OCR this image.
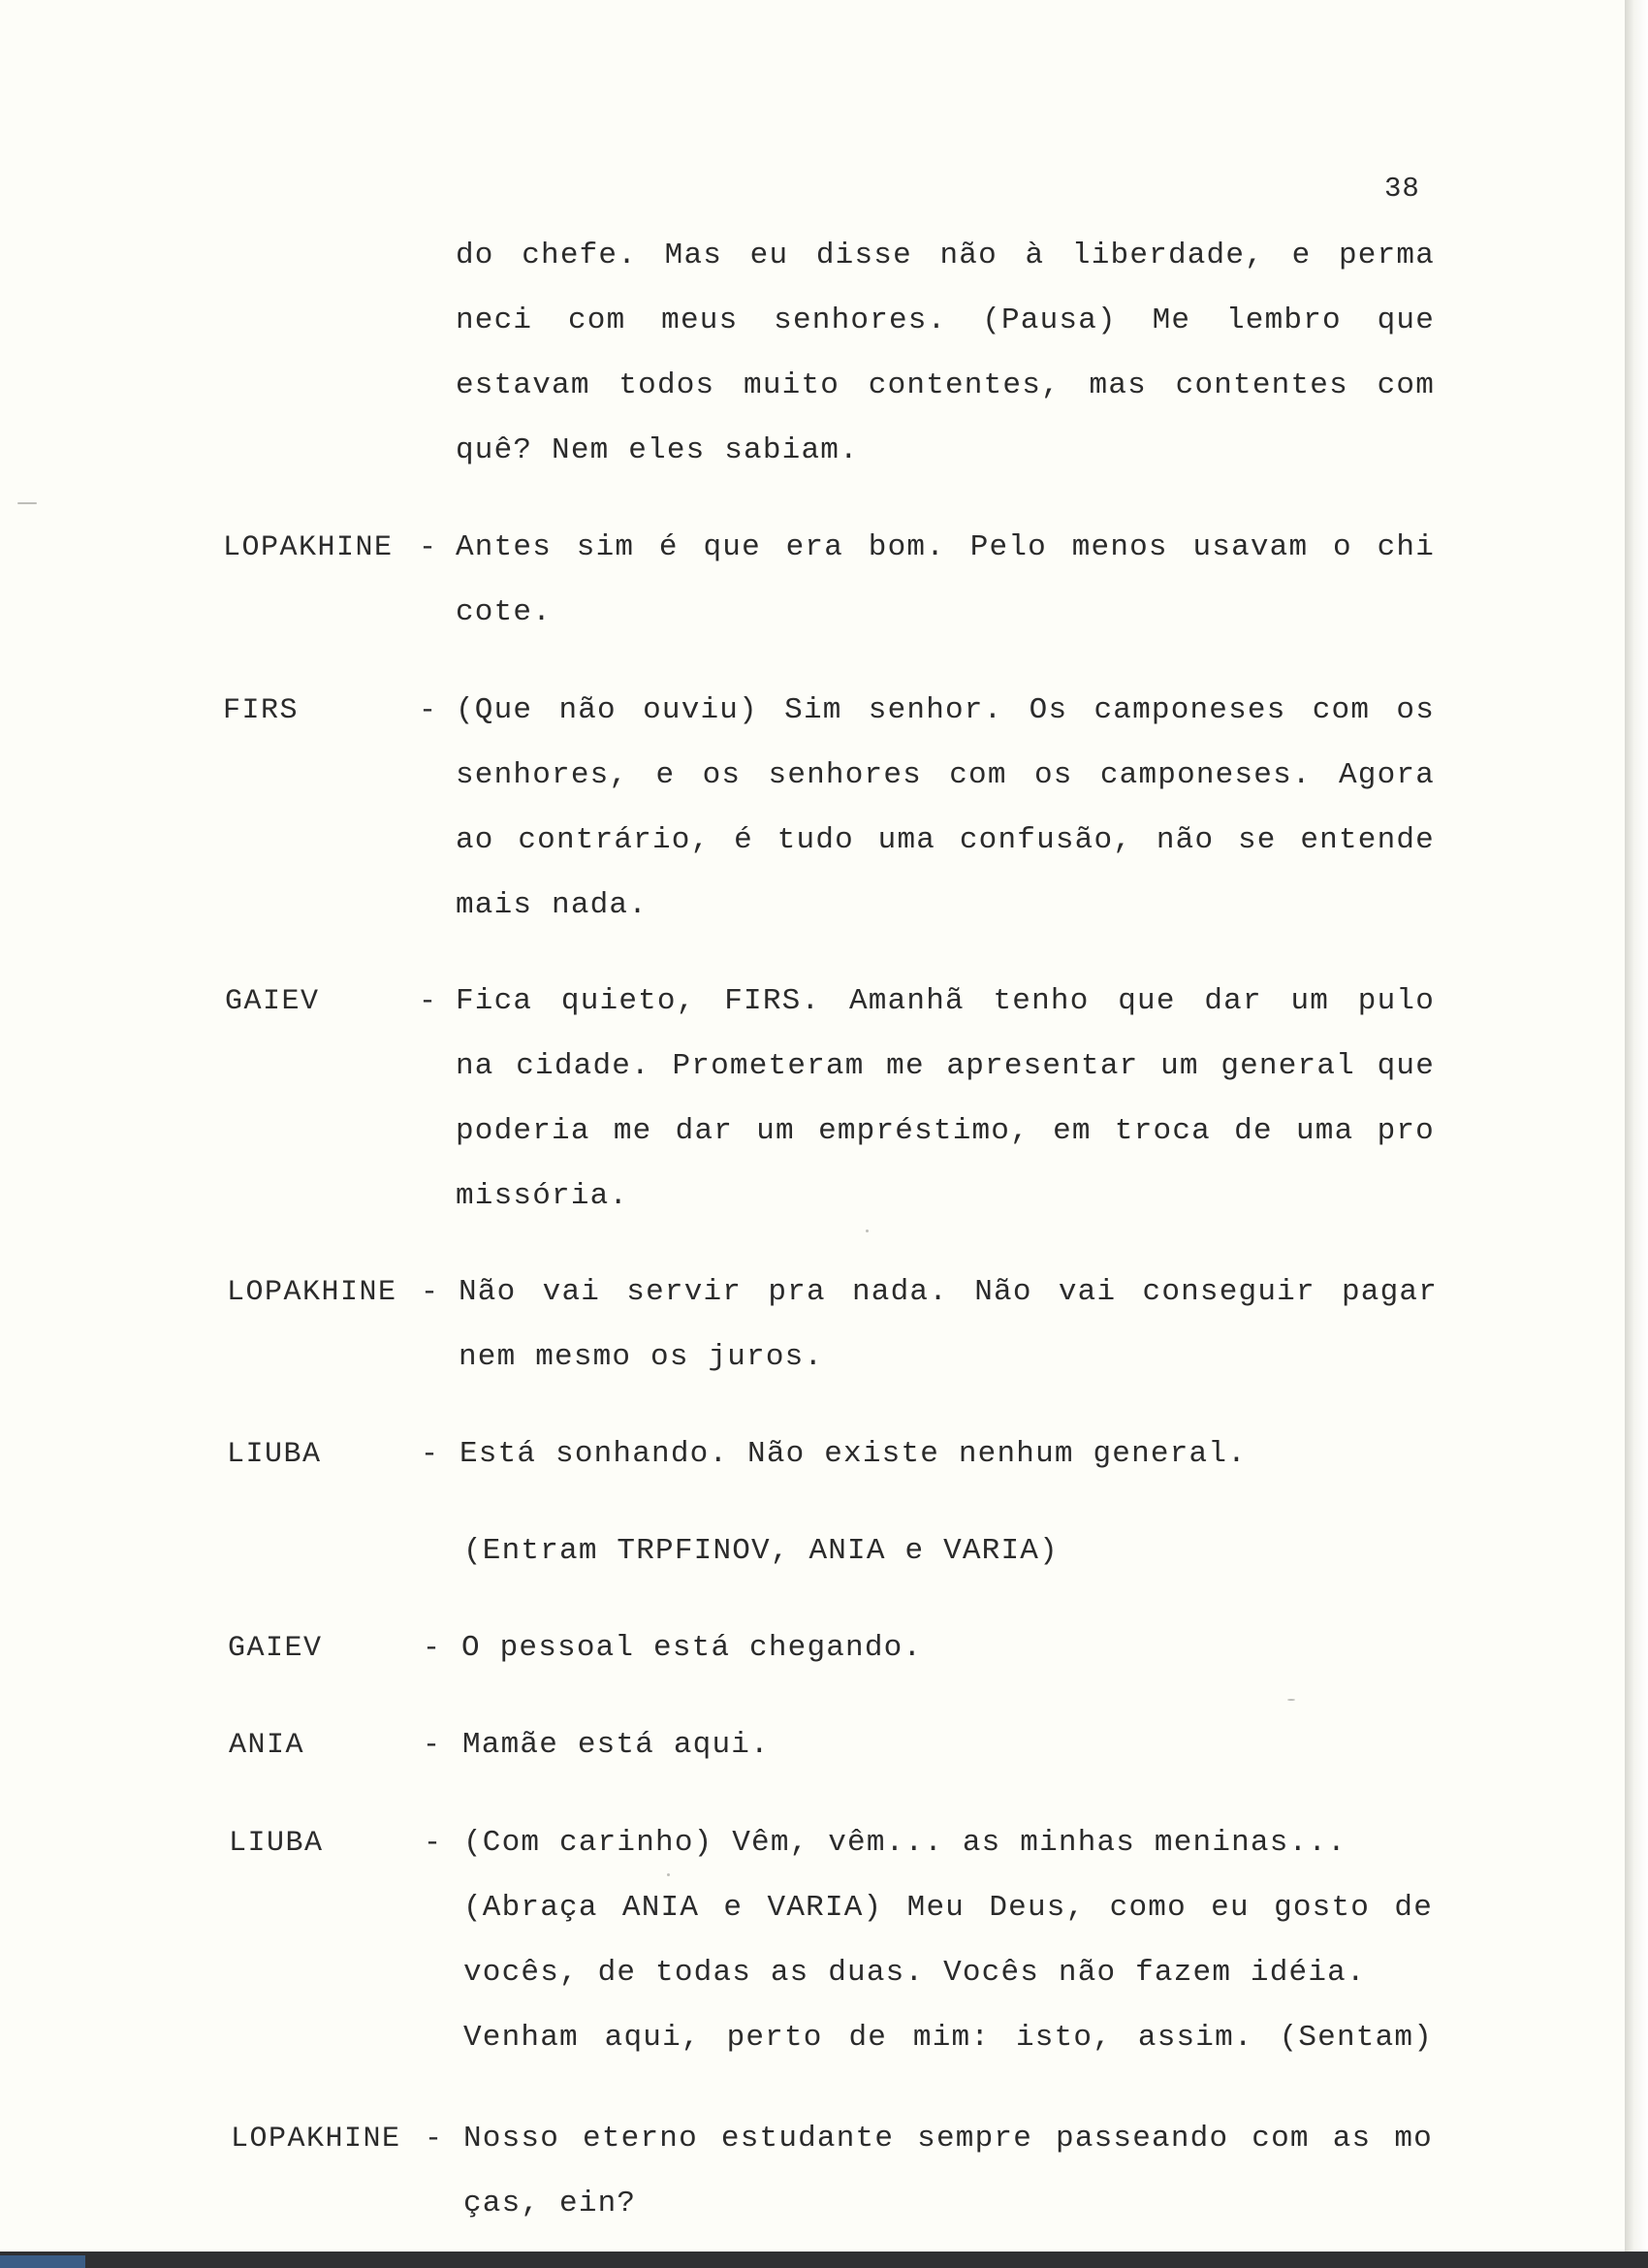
38
do chefe. Mas eu disse não à liberdade, e perma
neci com meus senhores. (Pausa) Me lembro que
estavam todos muito contentes, mas contentes com
quê? Nem eles sabiam.
LOPAKHINE - Antes sim é que era bom. Pelo menos usavam o chi
cote.
FIRS	- (Que não ouviu) Sim senhor. Os camponeses com os
senhores, e os senhores com os camponeses. Agora
ao contrário, é tudo uma confusão, não se entende
mais nada.
GAIEV	- Fica quieto, FIRS. Amanhã tenho que dar um pulo
na cidade. Prometeram me apresentar um general que
poderia me dar um empréstimo, em troca de uma pro
missória.
LOPAKHINE - Não vai servir pra nada. Não vai conseguir pagar
nem mesmo os juros.
LIUBA	- Está sonhando. Não existe nenhum general.
(Entram TRPFINOV, ANIA e VARIA)
GAIEV	- O pessoal está chegando.
ANIA	- Mamãe está aqui.
LIUBA	- (Com carinho) Vêm, vêm... as minhas meninas...
(Abraça ANIA e VARIA) Meu Deus, como eu gosto de
vocês, de todas as duas. Vocês não fazem idéia.
Venham aqui, perto de mim: isto, assim. (Sentam)
LOPAKHINE - Nosso eterno estudante sempre passeando com as mo
ças, ein?
